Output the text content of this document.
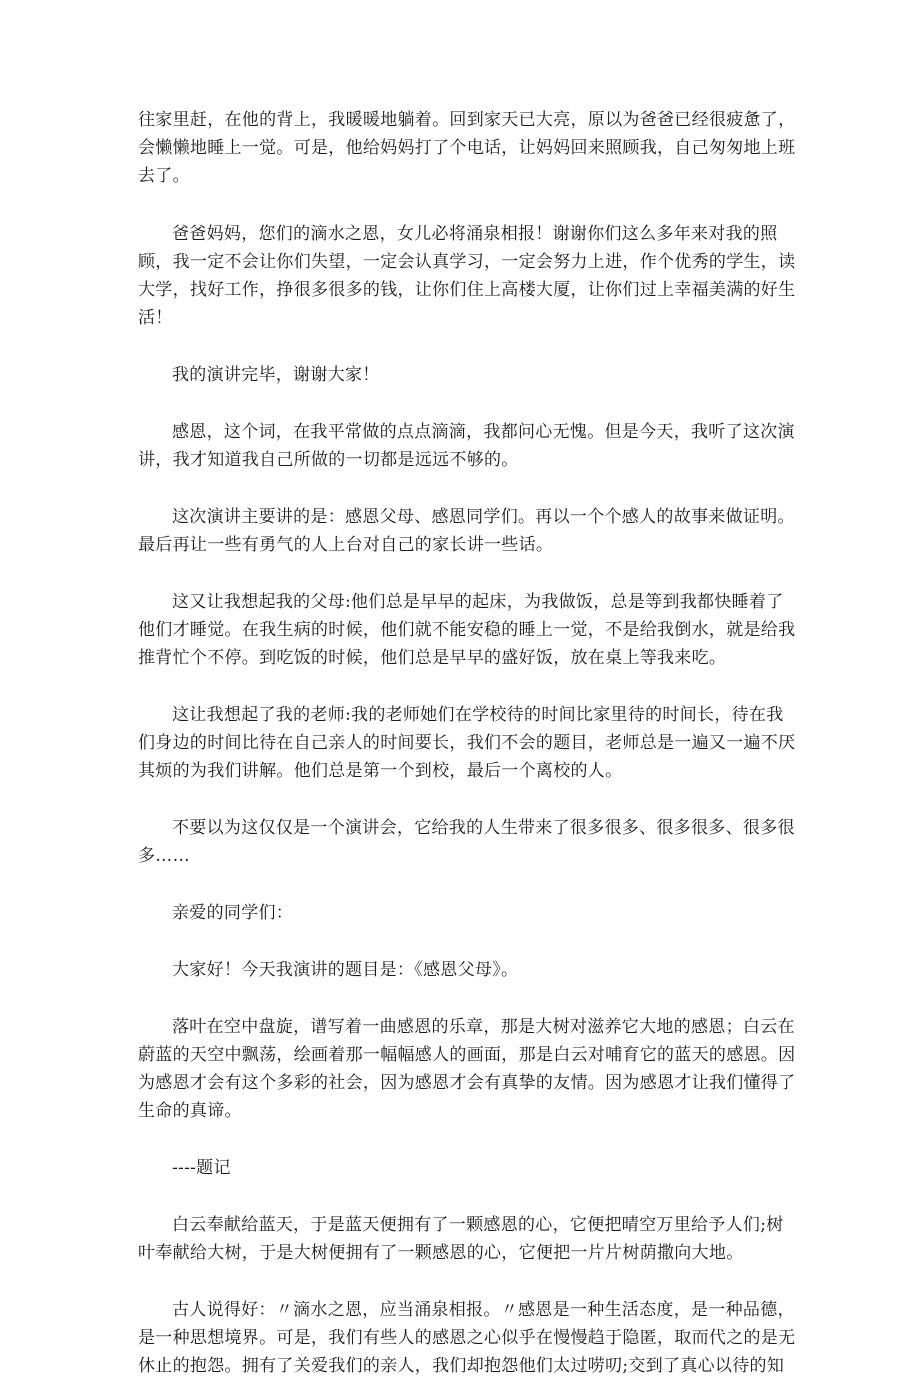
往家里赶，在他的背上，我暖暖地躺着。回到家天已大亮，原以为爸爸已经很疲惫了，会懒懒地睡上一觉。可是，他给妈妈打了个电话，让妈妈回来照顾我，自己匆匆地上班去了。

爸爸妈妈，您们的滴水之恩，女儿必将涌泉相报！谢谢你们这么多年来对我的照顾，我一定不会让你们失望，一定会认真学习，一定会努力上进，作个优秀的学生，读大学，找好工作，挣很多很多的钱，让你们住上高楼大厦，让你们过上幸福美满的好生活！

我的演讲完毕，谢谢大家！

感恩，这个词，在我平常做的点点滴滴，我都问心无愧。但是今天，我听了这次演讲，我才知道我自己所做的一切都是远远不够的。

这次演讲主要讲的是：感恩父母、感恩同学们。再以一个个感人的故事来做证明。最后再让一些有勇气的人上台对自己的家长讲一些话。

这又让我想起我的父母:他们总是早早的起床，为我做饭，总是等到我都快睡着了他们才睡觉。在我生病的时候，他们就不能安稳的睡上一觉，不是给我倒水，就是给我推背忙个不停。到吃饭的时候，他们总是早早的盛好饭，放在桌上等我来吃。

这让我想起了我的老师:我的老师她们在学校待的时间比家里待的时间长，待在我们身边的时间比待在自己亲人的时间要长，我们不会的题目，老师总是一遍又一遍不厌其烦的为我们讲解。他们总是第一个到校，最后一个离校的人。

不要以为这仅仅是一个演讲会，它给我的人生带来了很多很多、很多很多、很多很多……

亲爱的同学们：

大家好！今天我演讲的题目是：《感恩父母》。

落叶在空中盘旋，谱写着一曲感恩的乐章，那是大树对滋养它大地的感恩；白云在蔚蓝的天空中飘荡，绘画着那一幅幅感人的画面，那是白云对哺育它的蓝天的感恩。因为感恩才会有这个多彩的社会，因为感恩才会有真挚的友情。因为感恩才让我们懂得了生命的真谛。

----题记

白云奉献给蓝天，于是蓝天便拥有了一颗感恩的心，它便把晴空万里给予人们;树叶奉献给大树，于是大树便拥有了一颗感恩的心，它便把一片片树荫撒向大地。

古人说得好：〃滴水之恩，应当涌泉相报。〃感恩是一种生活态度，是一种品德，是一种思想境界。可是，我们有些人的感恩之心似乎在慢慢趋于隐匿，取而代之的是无休止的抱怨。拥有了关爱我们的亲人，我们却抱怨他们太过唠叨;交到了真心以待的知
